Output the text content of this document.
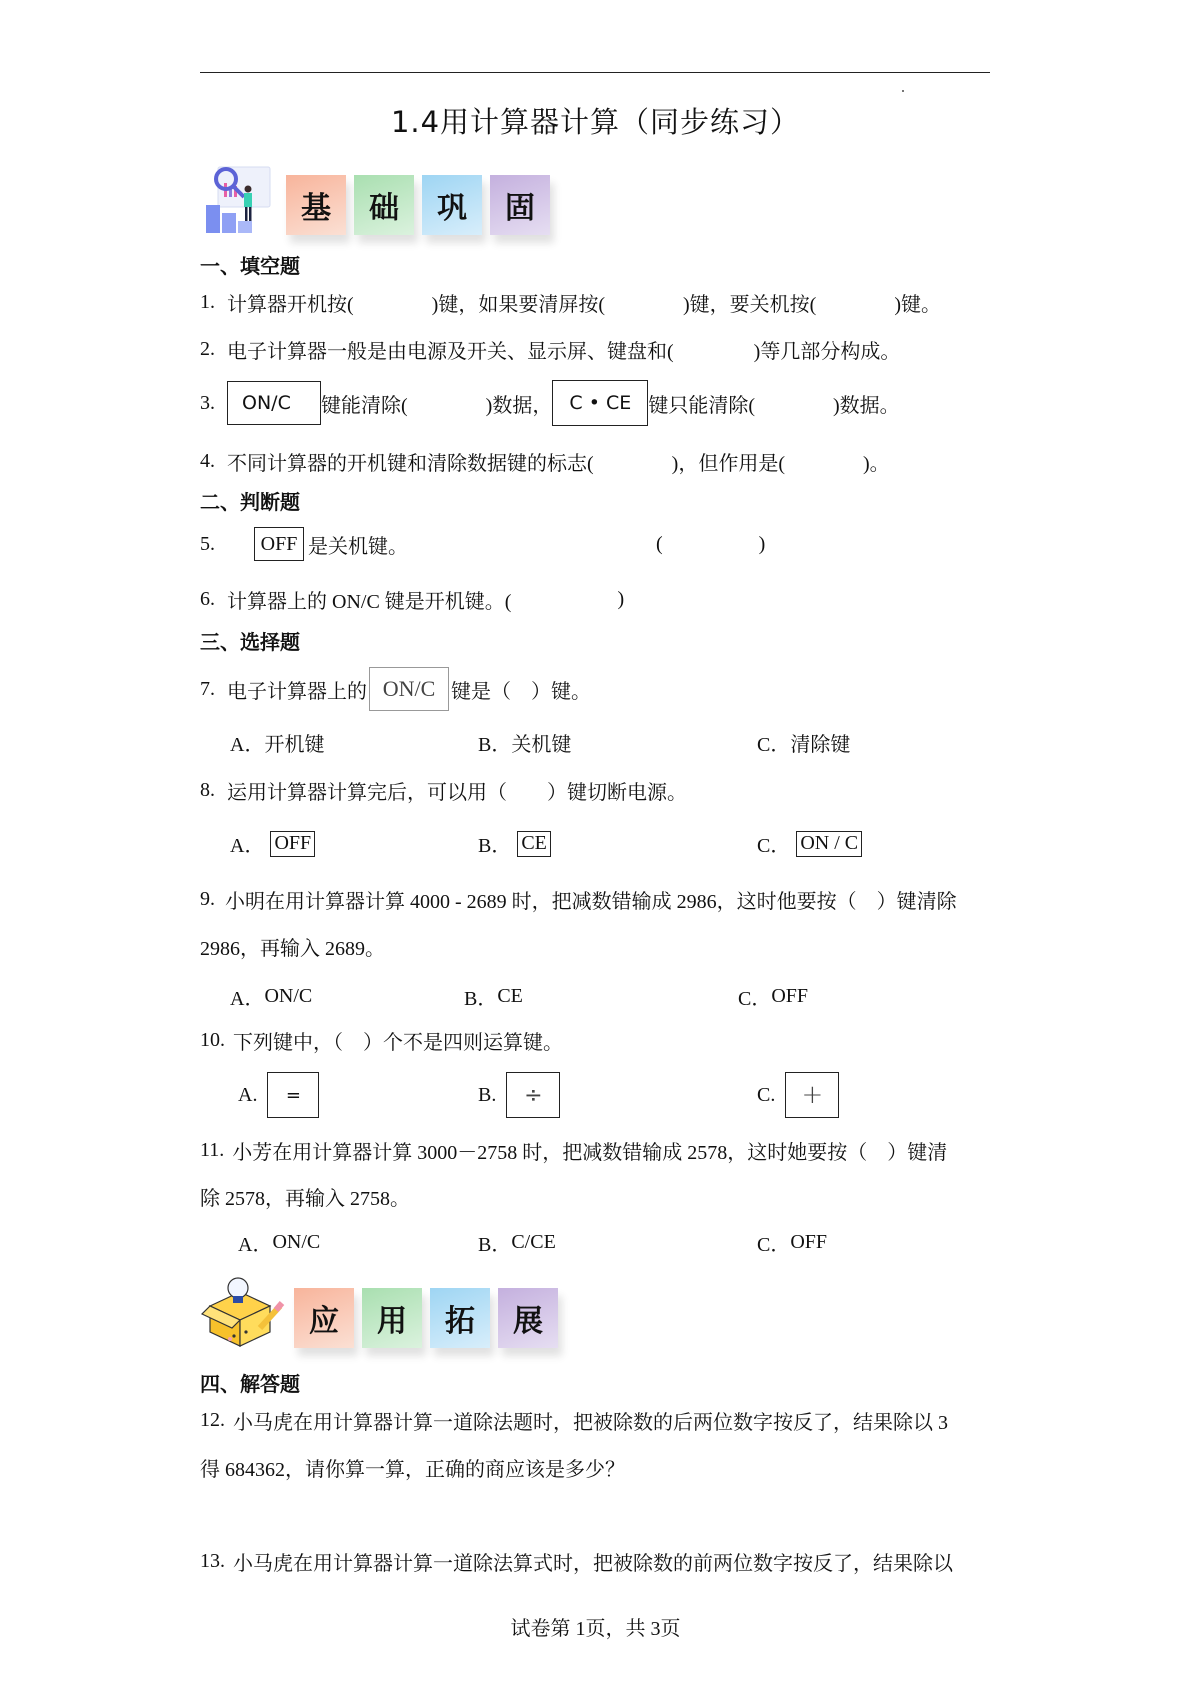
1.4用计算器计算（同步练习）
基	础	巩	固
一、填空题
1. 计算器开机按(	)键，如果要清屏按(	)键，要关机按(	)键。
2. 电子计算器一般是由电源及开关、显示屏、键盘和(	)等几部分构成。
3.	ON/C	键能清除(	)数据， C • CE 键只能清除(	)数据。
4. 不同计算器的开机键和清除数据键的标志(	)，但作用是(	)。
二、判断题
5.	OFF 是关机键。	(	)
6. 计算器上的 ON/C 键是开机键。(	)
三、选择题
7. 电子计算器上的 ON/C 键是（　）键。
A． 开机键	B． 关机键	C． 清除键
8. 运用计算器计算完后，可以用（　　）键切断电源。
A． OFF	B． CE	C． ON / C
9. 小明在用计算器计算 4000 - 2689 时，把减数错输成 2986，这时他要按（　）键清除
2986，再输入 2689。
A． ON/C	B． CE	C． OFF
10. 下列键中，（　）个不是四则运算键。
A.	=	B.	÷	C.	+
11. 小芳在用计算器计算 3000－2758 时，把减数错输成 2578，这时她要按（　）键清
除 2578，再输入 2758。
A． ON/C	B． C/CE	C． OFF
应	用	拓	展
四、解答题
12. 小马虎在用计算器计算一道除法题时，把被除数的后两位数字按反了，结果除以 3
得 684362，请你算一算，正确的商应该是多少？
13. 小马虎在用计算器计算一道除法算式时，把被除数的前两位数字按反了，结果除以
试卷第 1页，共 3页
